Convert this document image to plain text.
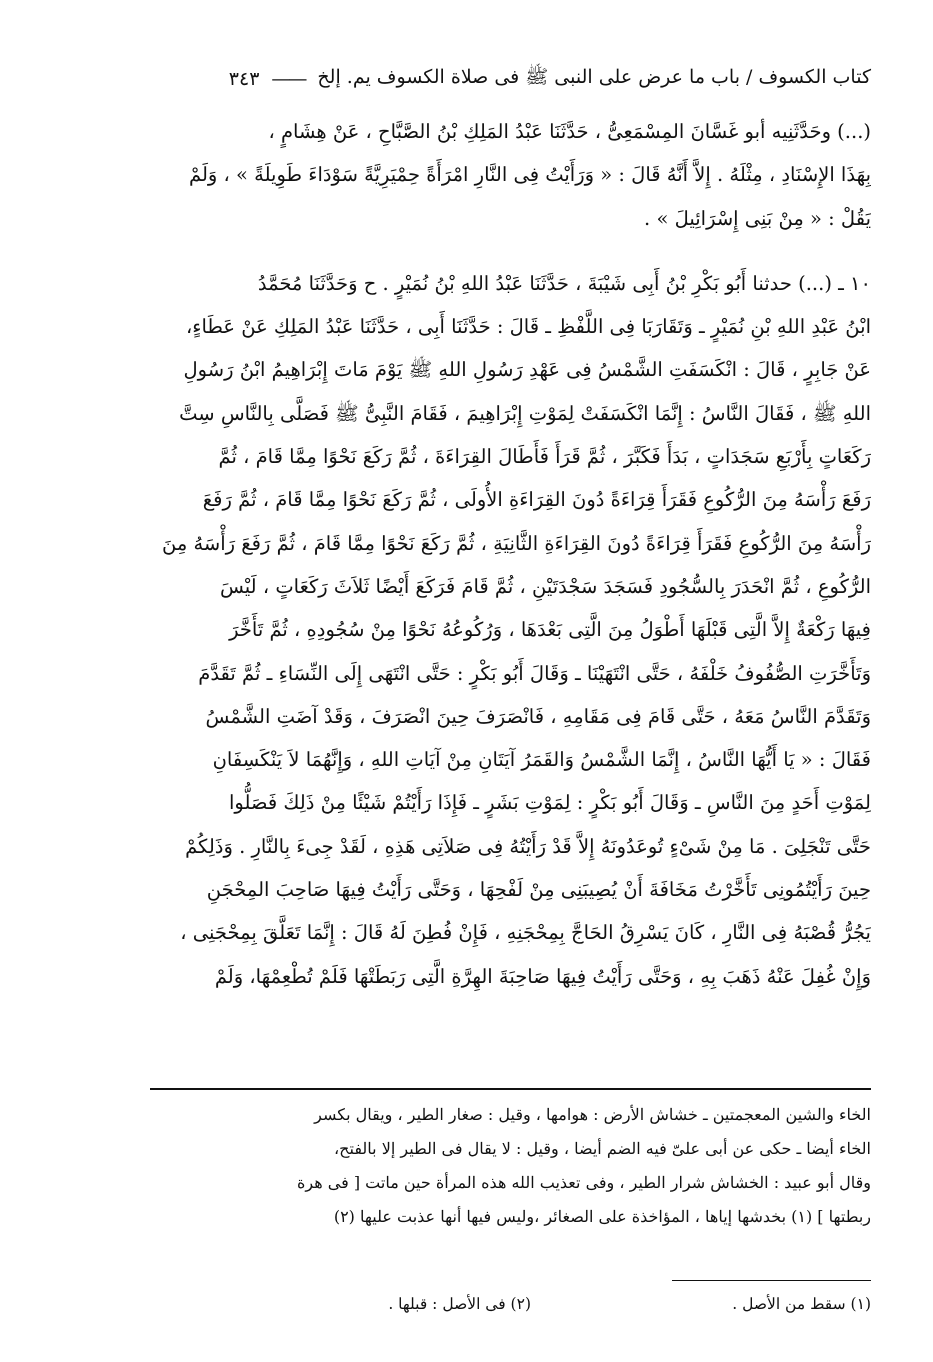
كتاب الكسوف / باب ما عرض على النبى ﷺ فى صلاة الكسوف يم. إلخ
——
٣٤٣

(...) وحَدَّثَنِيه أبو غَسَّانَ المِسْمَعِىُّ ، حَدَّثَنَا عَبْدُ المَلِكِ بْنُ الصَّبَّاحِ ، عَنْ هِشَامٍ ،

بِهَذَا الإِسْنَادِ ، مِثْلَهُ . إِلاَّ أَنَّهُ قَالَ : « وَرَأَيْتُ فِى النَّارِ امْرَأَةً حِمْيَرِيَّةً سَوْدَاءَ طَوِيلَةً » ، وَلَمْ

يَقُلْ : « مِنْ بَنِى إِسْرَائِيلَ » .

١٠ ـ (...) حدثنا أَبُو بَكْرِ بْنُ أَبِى شَيْبَةَ ، حَدَّثَنَا عَبْدُ اللهِ بْنُ نُمَيْرٍ . ح وَحَدَّثَنَا مُحَمَّدُ

ابْنُ عَبْدِ اللهِ بْنِ نُمَيْرٍ ـ وَتَقَارَبَا فِى اللَّفْظِ ـ قَالَ : حَدَّثَنَا أَبِى ، حَدَّثَنَا عَبْدُ المَلِكِ عَنْ عَطَاءٍ،

عَنْ جَابِرٍ ، قَالَ : انْكَسَفَتِ الشَّمْسُ فِى عَهْدِ رَسُولِ اللهِ ﷺ يَوْمَ مَاتَ إِبْرَاهِيمُ ابْنُ رَسُولِ

اللهِ ﷺ ، فَقَالَ النَّاسُ : إِنَّمَا انْكَسَفَتْ لِمَوْتِ إِبْرَاهِيمَ ، فَقَامَ النَّبِىُّ ﷺ فَصَلَّى بِالنَّاسِ سِتَّ

رَكَعَاتٍ بِأَرْبَعِ سَجَدَاتٍ ، بَدَأَ فَكَبَّرَ ، ثُمَّ قَرَأَ فَأَطَالَ القِرَاءَةَ ، ثُمَّ رَكَعَ نَحْوًا مِمَّا قَامَ ، ثُمَّ

رَفَعَ رَأْسَهُ مِنَ الرُّكُوعِ فَقَرَأَ قِرَاءَةً دُونَ القِرَاءَةِ الأُولَى ، ثُمَّ رَكَعَ نَحْوًا مِمَّا قَامَ ، ثُمَّ رَفَعَ

رَأْسَهُ مِنَ الرُّكُوعِ فَقَرَأَ قِرَاءَةً دُونَ القِرَاءَةِ الثَّانِيَةِ ، ثُمَّ رَكَعَ نَحْوًا مِمَّا قَامَ ، ثُمَّ رَفَعَ رَأْسَهُ مِنَ

الرُّكُوعِ ، ثُمَّ انْحَدَرَ بِالسُّجُودِ فَسَجَدَ سَجْدَتَيْنِ ، ثُمَّ قَامَ فَرَكَعَ أَيْضًا ثَلاَثَ رَكَعَاتٍ ، لَيْسَ

فِيهَا رَكْعَةٌ إِلاَّ الَّتِى قَبْلَهَا أَطْوَلُ مِنَ الَّتِى بَعْدَهَا ، وَرُكُوعُهُ نَحْوًا مِنْ سُجُودِهِ ، ثُمَّ تَأَخَّرَ

وَتَأَخَّرَتِ الصُّفُوفُ خَلْفَهُ ، حَتَّى انْتَهَيْنَا ـ وَقَالَ أَبُو بَكْرٍ : حَتَّى انْتَهَى إِلَى النِّسَاءِ ـ ثُمَّ تَقَدَّمَ

وَتَقَدَّمَ النَّاسُ مَعَهُ ، حَتَّى قَامَ فِى مَقَامِهِ ، فَانْصَرَفَ حِينَ انْصَرَفَ ، وَقَدْ آضَتِ الشَّمْسُ

فَقَالَ : « يَا أَيُّهَا النَّاسُ ، إِنَّمَا الشَّمْسُ وَالقَمَرُ آيَتَانِ مِنْ آيَاتِ اللهِ ، وَإِنَّهُمَا لاَ يَنْكَسِفَانِ

لِمَوْتِ أَحَدٍ مِنَ النَّاسِ ـ وَقَالَ أَبُو بَكْرٍ : لِمَوْتِ بَشَرٍ ـ فَإِذَا رَأَيْتُمْ شَيْئًا مِنْ ذَلِكَ فَصَلُّوا

حَتَّى تَنْجَلِىَ . مَا مِنْ شَىْءٍ تُوعَدُونَهُ إِلاَّ قَدْ رَأَيْتُهُ فِى صَلاَتِى هَذِهِ ، لَقَدْ جِىءَ بِالنَّارِ . وَذَلِكُمْ

حِينَ رَأَيْتُمُونِى تَأَخَّرْتُ مَخَافَةَ أَنْ يُصِيبَنِى مِنْ لَفْحِهَا ، وَحَتَّى رَأَيْتُ فِيهَا صَاحِبَ المِحْجَنِ

يَجُرُّ قُصْبَهُ فِى النَّارِ ، كَانَ يَسْرِقُ الحَاجَّ بِمِحْجَنِهِ ، فَإِنْ فُطِنَ لَهُ قَالَ : إِنَّمَا تَعَلَّقَ بِمِحْجَنِى ،

وَإِنْ غُفِلَ عَنْهُ ذَهَبَ بِهِ ، وَحَتَّى رَأَيْتُ فِيهَا صَاحِبَةَ الهِرَّةِ الَّتِى رَبَطَتْهَا فَلَمْ تُطْعِمْهَا، وَلَمْ

الخاء والشين المعجمتين ـ خشاش الأرض : هوامها ، وقيل : صغار الطير ، ويقال بكسر

الخاء أيضا ـ حكى عن أبى علىّ فيه الضم أيضا ، وقيل : لا يقال فى الطير إلا بالفتح،

وقال أبو عبيد : الخشاش شرار الطير ، وفى تعذيب الله هذه المرأة حين ماتت [ فى هرة

ربطتها ] (١) بخدشها إياها ، المؤاخذة على الصغائر ،وليس فيها أنها عذبت عليها (٢)

(١) سقط من الأصل .
(٢) فى الأصل : قبلها .
